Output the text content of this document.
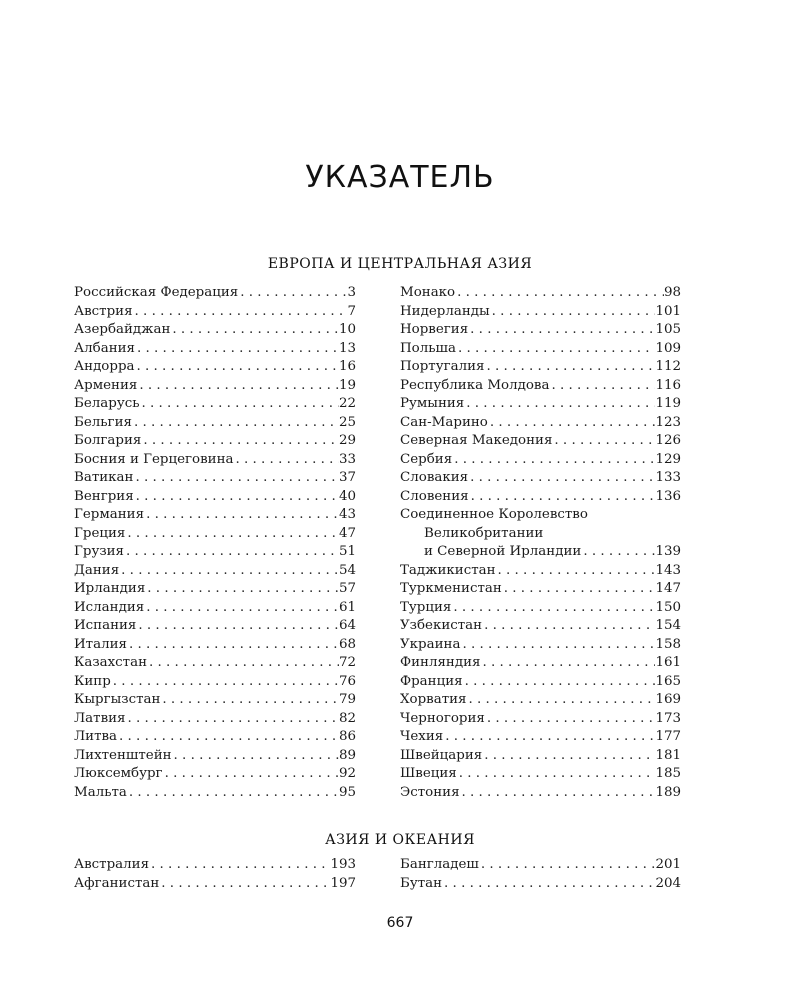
УКАЗАТЕЛЬ
ЕВРОПА И ЦЕНТРАЛЬНАЯ АЗИЯ
Российская Федерация . . .	3
Австрия . . .	7
Азербайджан . . .	10
Албания . . .	13
Андорра . . .	16
Армения . . .	19
Беларусь . . .	22
Бельгия . . .	25
Болгария . . .	29
Босния и Герцеговина . . .	33
Ватикан . . .	37
Венгрия . . .	40
Германия . . .	43
Греция . . .	47
Грузия . . .	51
Дания . . .	54
Ирландия . . .	57
Исландия . . .	61
Испания . . .	64
Италия . . .	68
Казахстан . . .	72
Кипр . . .	76
Кыргызстан . . .	79
Латвия . . .	82
Литва . . .	86
Лихтенштейн . . .	89
Люксембург . . .	92
Мальта . . .	95
Монако . . .	98
Нидерланды . . .	101
Норвегия . . .	105
Польша . . .	109
Португалия . . .	112
Республика Молдова . . .	116
Румыния . . .	119
Сан-Марино . . .	123
Северная Македония . . .	126
Сербия . . .	129
Словакия . . .	133
Словения . . .	136
Соединенное Королевство
Великобритании
и Северной Ирландии . . .	139
Таджикистан . . .	143
Туркменистан . . .	147
Турция . . .	150
Узбекистан . . .	154
Украина . . .	158
Финляндия . . .	161
Франция . . .	165
Хорватия . . .	169
Черногория . . .	173
Чехия . . .	177
Швейцария . . .	181
Швеция . . .	185
Эстония . . .	189
АЗИЯ И ОКЕАНИЯ
Австралия . . .	193
Афганистан . . .	197
Бангладеш . . .	201
Бутан . . .	204
667
